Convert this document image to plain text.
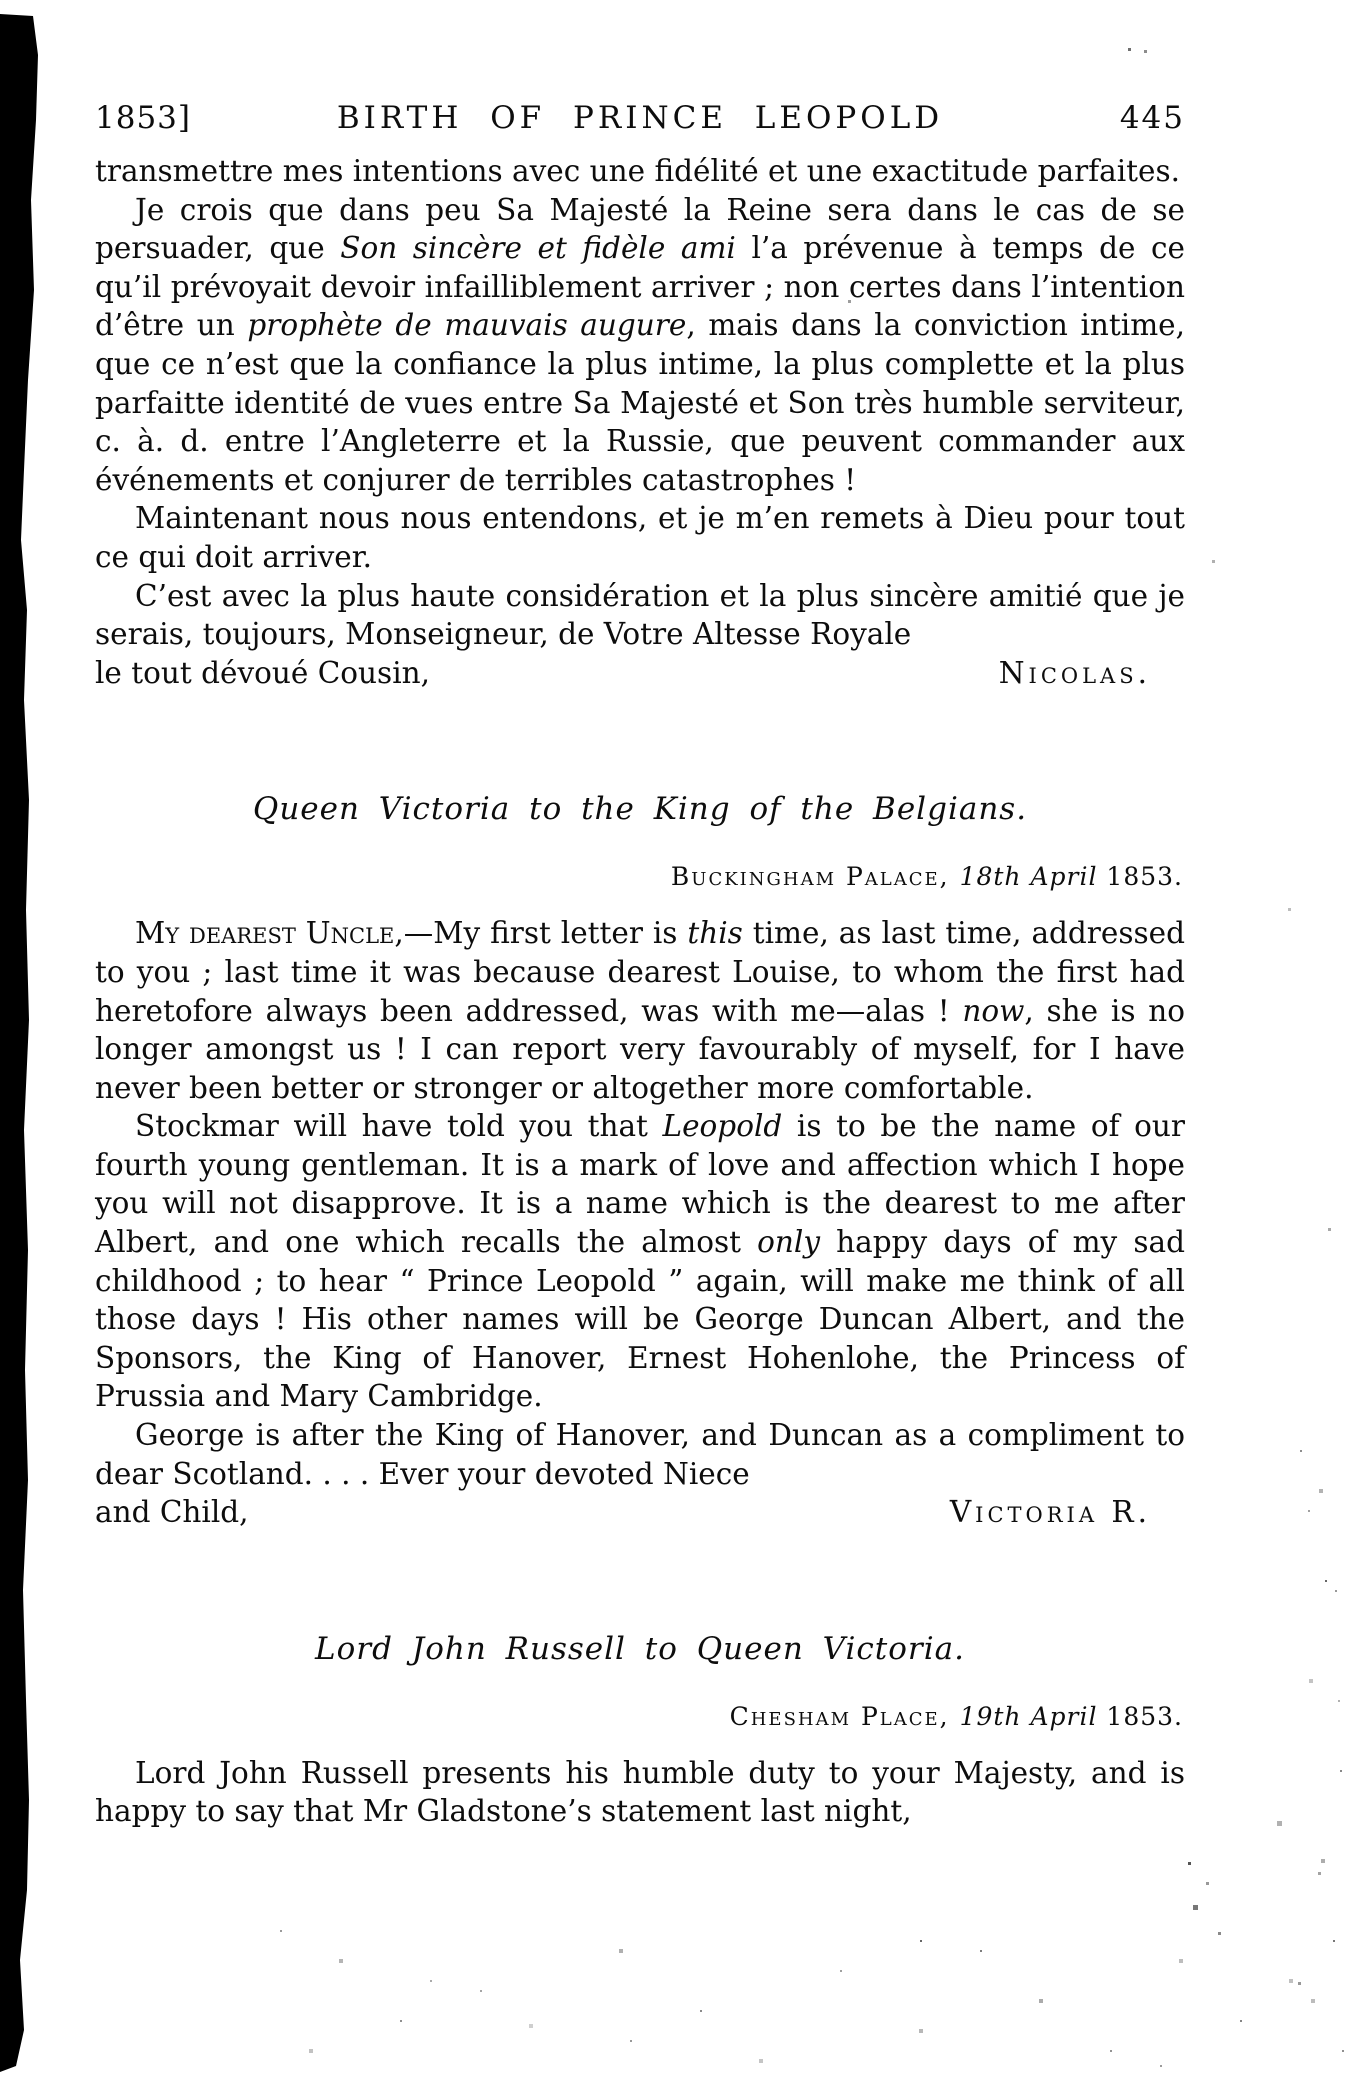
1853]	BIRTH OF PRINCE LEOPOLD	445

transmettre mes intentions avec une fidélité et une exactitude parfaites.

Je crois que dans peu Sa Majesté la Reine sera dans le cas de se persuader, que Son sincère et fidèle ami l’a prévenue à temps de ce qu’il prévoyait devoir infailliblement arriver ; non certes dans l’intention d’être un prophète de mauvais augure, mais dans la conviction intime, que ce n’est que la confiance la plus intime, la plus complette et la plus parfaitte identité de vues entre Sa Majesté et Son très humble serviteur, c. à. d. entre l’Angleterre et la Russie, que peuvent commander aux événements et conjurer de terribles catastrophes !

Maintenant nous nous entendons, et je m’en remets à Dieu pour tout ce qui doit arriver.

C’est avec la plus haute considération et la plus sincère amitié que je serais, toujours, Monseigneur, de Votre Altesse Royale

le tout dévoué Cousin,	Nicolas.
Queen Victoria to the King of the Belgians.
Buckingham Palace, 18th April 1853.

My dearest Uncle,—My first letter is this time, as last time, addressed to you ; last time it was because dearest Louise, to whom the first had heretofore always been addressed, was with me—alas ! now, she is no longer amongst us ! I can report very favourably of myself, for I have never been better or stronger or altogether more comfortable.

Stockmar will have told you that Leopold is to be the name of our fourth young gentleman. It is a mark of love and affection which I hope you will not disapprove. It is a name which is the dearest to me after Albert, and one which recalls the almost only happy days of my sad childhood ; to hear “ Prince Leopold ” again, will make me think of all those days ! His other names will be George Duncan Albert, and the Sponsors, the King of Hanover, Ernest Hohenlohe, the Princess of Prussia and Mary Cambridge.

George is after the King of Hanover, and Duncan as a compliment to dear Scotland. . . . Ever your devoted Niece

and Child,	Victoria R.
Lord John Russell to Queen Victoria.
Chesham Place, 19th April 1853.

Lord John Russell presents his humble duty to your Majesty, and is happy to say that Mr Gladstone’s statement last night,
